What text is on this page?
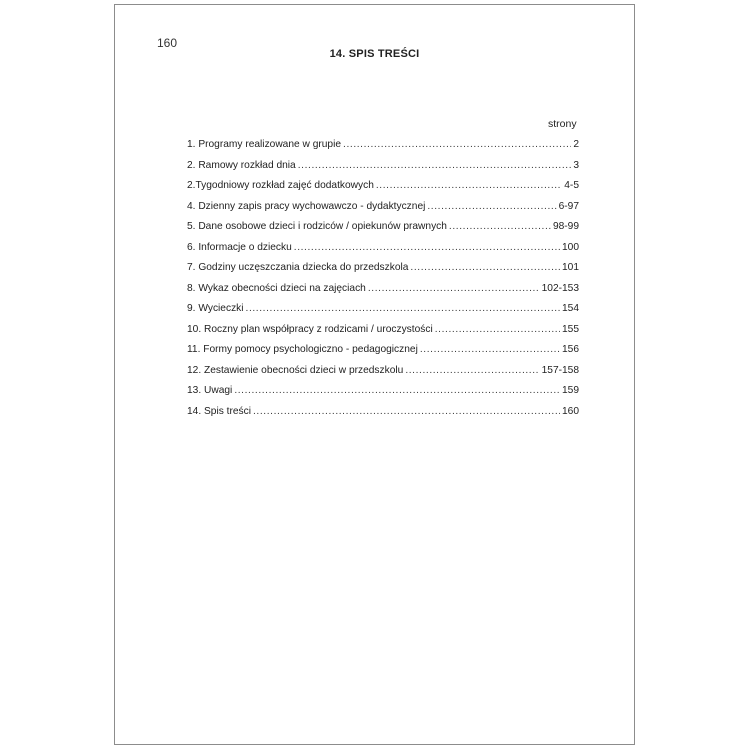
160
14. SPIS TREŚCI
strony
1. Programy realizowane w grupie .....	2
2. Ramowy rozkład dnia .....	3
2.Tygodniowy rozkład zajęć dodatkowych .....	4-5
4. Dzienny zapis pracy wychowawczo - dydaktycznej .....	6-97
5. Dane osobowe dzieci i rodziców / opiekunów prawnych .....	98-99
6. Informacje o dziecku .....	100
7. Godziny uczęszczania dziecka do przedszkola .....	101
8. Wykaz obecności dzieci na zajęciach .....	102-153
9. Wycieczki .....	154
10. Roczny plan współpracy z rodzicami / uroczystości .....	155
11. Formy pomocy psychologiczno - pedagogicznej .....	156
12. Zestawienie obecności dzieci w przedszkolu .....	157-158
13. Uwagi .....	159
14. Spis treści .....	160
